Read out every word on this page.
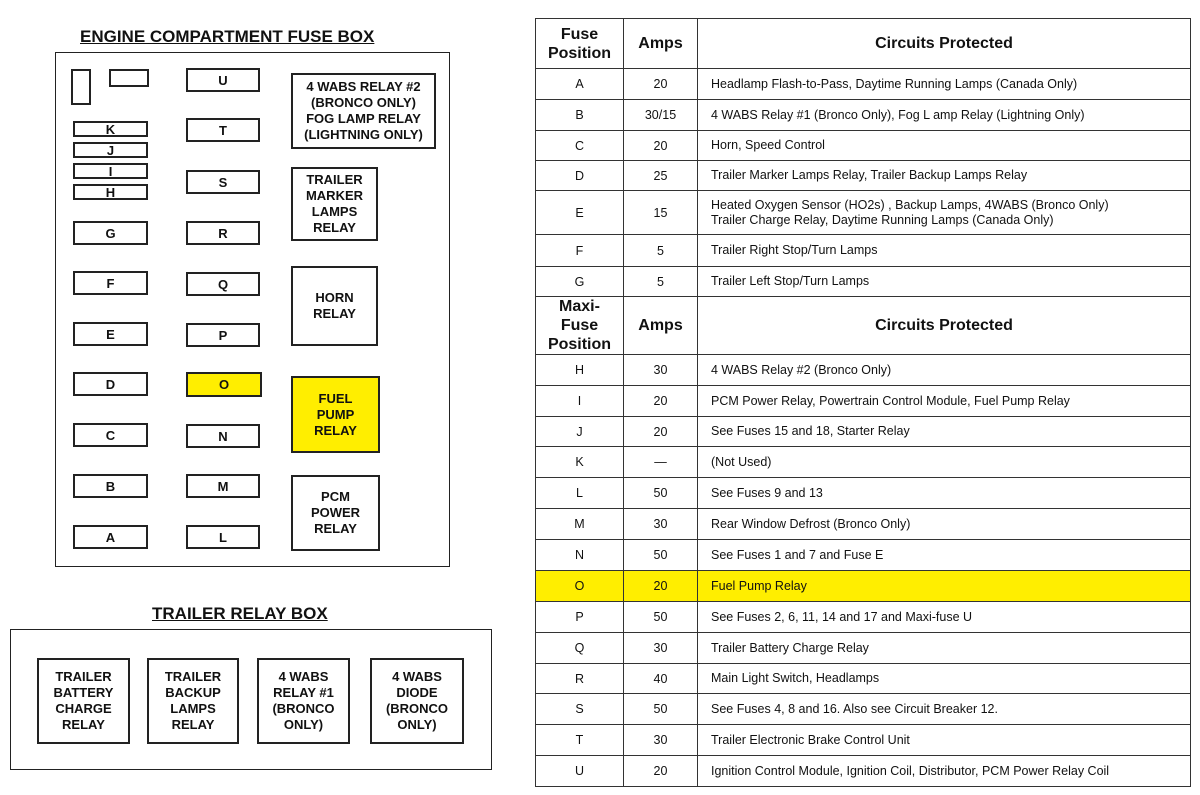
ENGINE COMPARTMENT FUSE BOX
K
J
I
H
G
F
E
D
C
B
A
U
T
S
R
Q
P
O
N
M
L
4 WABS RELAY #2
(BRONCO ONLY)
FOG LAMP RELAY
(LIGHTNING ONLY)
TRAILER
MARKER
LAMPS
RELAY
HORN
RELAY
FUEL
PUMP
RELAY
PCM
POWER
RELAY
TRAILER RELAY BOX
TRAILER
BATTERY
CHARGE
RELAY
TRAILER
BACKUP
LAMPS
RELAY
4 WABS
RELAY #1
(BRONCO
ONLY)
4 WABS
DIODE
(BRONCO
ONLY)
Fuse
Position	Amps	Circuits Protected
A	20	Headlamp Flash-to-Pass, Daytime Running Lamps (Canada Only)
B	30/15	4 WABS Relay #1 (Bronco Only), Fog L amp Relay (Lightning Only)
C	20	Horn, Speed Control
D	25	Trailer Marker Lamps Relay, Trailer Backup Lamps Relay
E	15	Heated Oxygen Sensor (HO2s) , Backup Lamps, 4WABS (Bronco Only)
Trailer Charge Relay, Daytime Running Lamps (Canada Only)
F	5	Trailer Right Stop/Turn Lamps
G	5	Trailer Left Stop/Turn Lamps
Maxi-Fuse
Position	Amps	Circuits Protected
H	30	4 WABS Relay #2 (Bronco Only)
I	20	PCM Power Relay, Powertrain Control Module, Fuel Pump Relay
J	20	See Fuses 15 and 18, Starter Relay
K	—	(Not Used)
L	50	See Fuses 9 and 13
M	30	Rear Window Defrost (Bronco Only)
N	50	See Fuses 1 and 7 and Fuse E
O	20	Fuel Pump Relay
P	50	See Fuses 2, 6, 11, 14 and 17 and Maxi-fuse U
Q	30	Trailer Battery Charge Relay
R	40	Main Light Switch, Headlamps
S	50	See Fuses 4, 8 and 16. Also see Circuit Breaker 12.
T	30	Trailer Electronic Brake Control Unit
U	20	Ignition Control Module, Ignition Coil, Distributor, PCM Power Relay Coil
